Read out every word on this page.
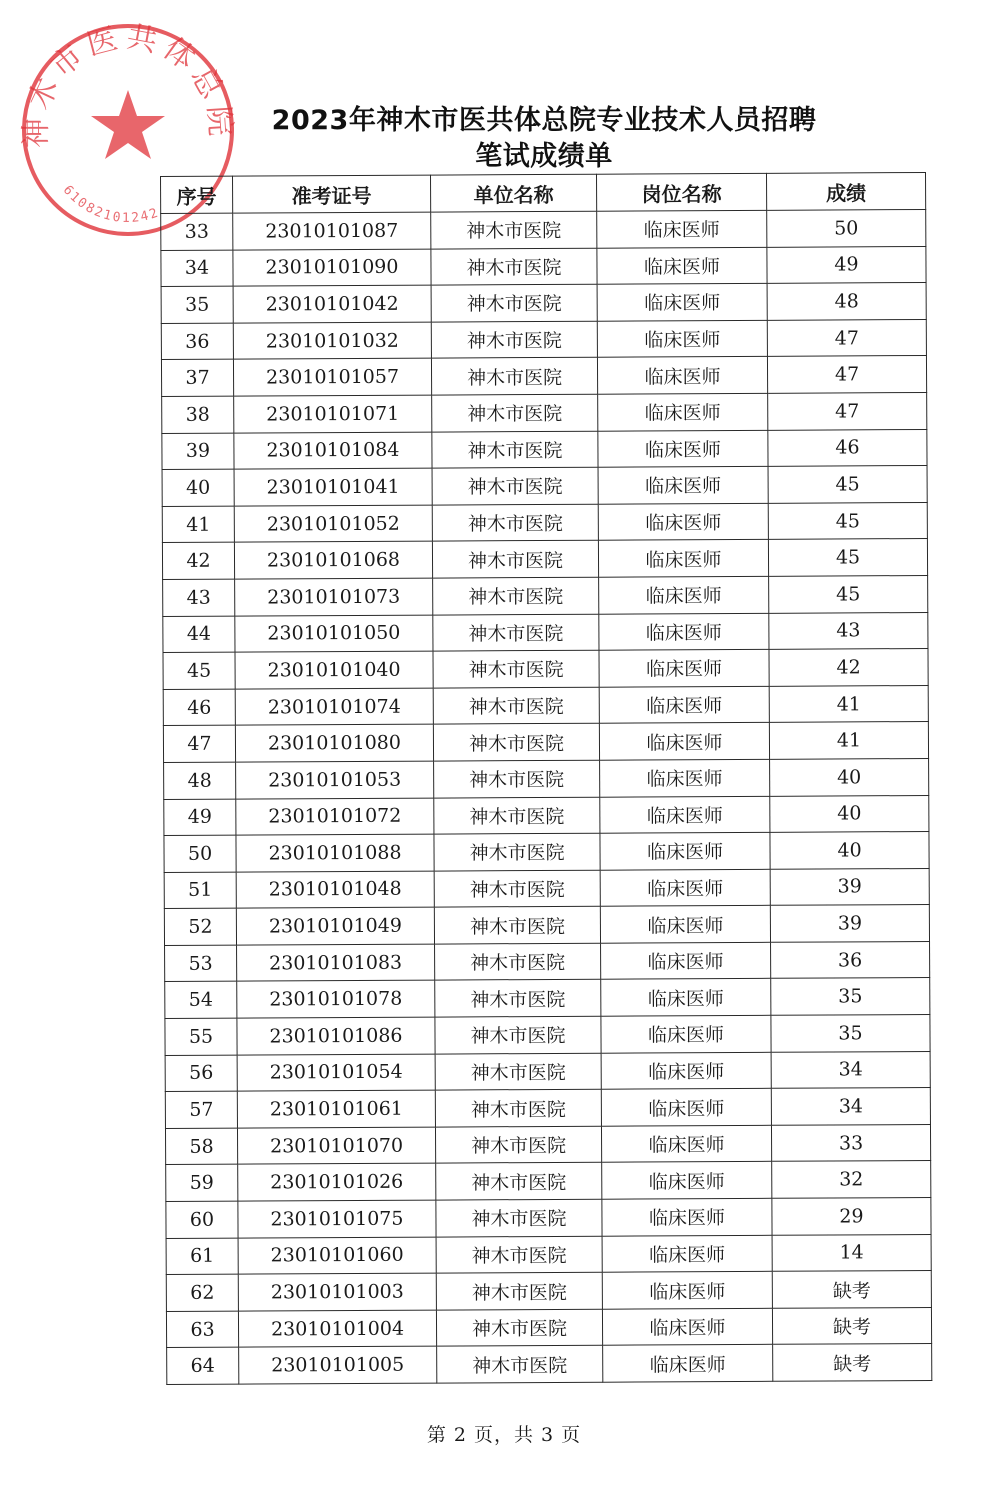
神木市医共体总院
61082101242
2023年神木市医共体总院专业技术人员招聘
笔试成绩单
序号	准考证号	单位名称	岗位名称	成绩
33	23010101087	神木市医院	临床医师	50
34	23010101090	神木市医院	临床医师	49
35	23010101042	神木市医院	临床医师	48
36	23010101032	神木市医院	临床医师	47
37	23010101057	神木市医院	临床医师	47
38	23010101071	神木市医院	临床医师	47
39	23010101084	神木市医院	临床医师	46
40	23010101041	神木市医院	临床医师	45
41	23010101052	神木市医院	临床医师	45
42	23010101068	神木市医院	临床医师	45
43	23010101073	神木市医院	临床医师	45
44	23010101050	神木市医院	临床医师	43
45	23010101040	神木市医院	临床医师	42
46	23010101074	神木市医院	临床医师	41
47	23010101080	神木市医院	临床医师	41
48	23010101053	神木市医院	临床医师	40
49	23010101072	神木市医院	临床医师	40
50	23010101088	神木市医院	临床医师	40
51	23010101048	神木市医院	临床医师	39
52	23010101049	神木市医院	临床医师	39
53	23010101083	神木市医院	临床医师	36
54	23010101078	神木市医院	临床医师	35
55	23010101086	神木市医院	临床医师	35
56	23010101054	神木市医院	临床医师	34
57	23010101061	神木市医院	临床医师	34
58	23010101070	神木市医院	临床医师	33
59	23010101026	神木市医院	临床医师	32
60	23010101075	神木市医院	临床医师	29
61	23010101060	神木市医院	临床医师	14
62	23010101003	神木市医院	临床医师	缺考
63	23010101004	神木市医院	临床医师	缺考
64	23010101005	神木市医院	临床医师	缺考
第 2 页，共 3 页
